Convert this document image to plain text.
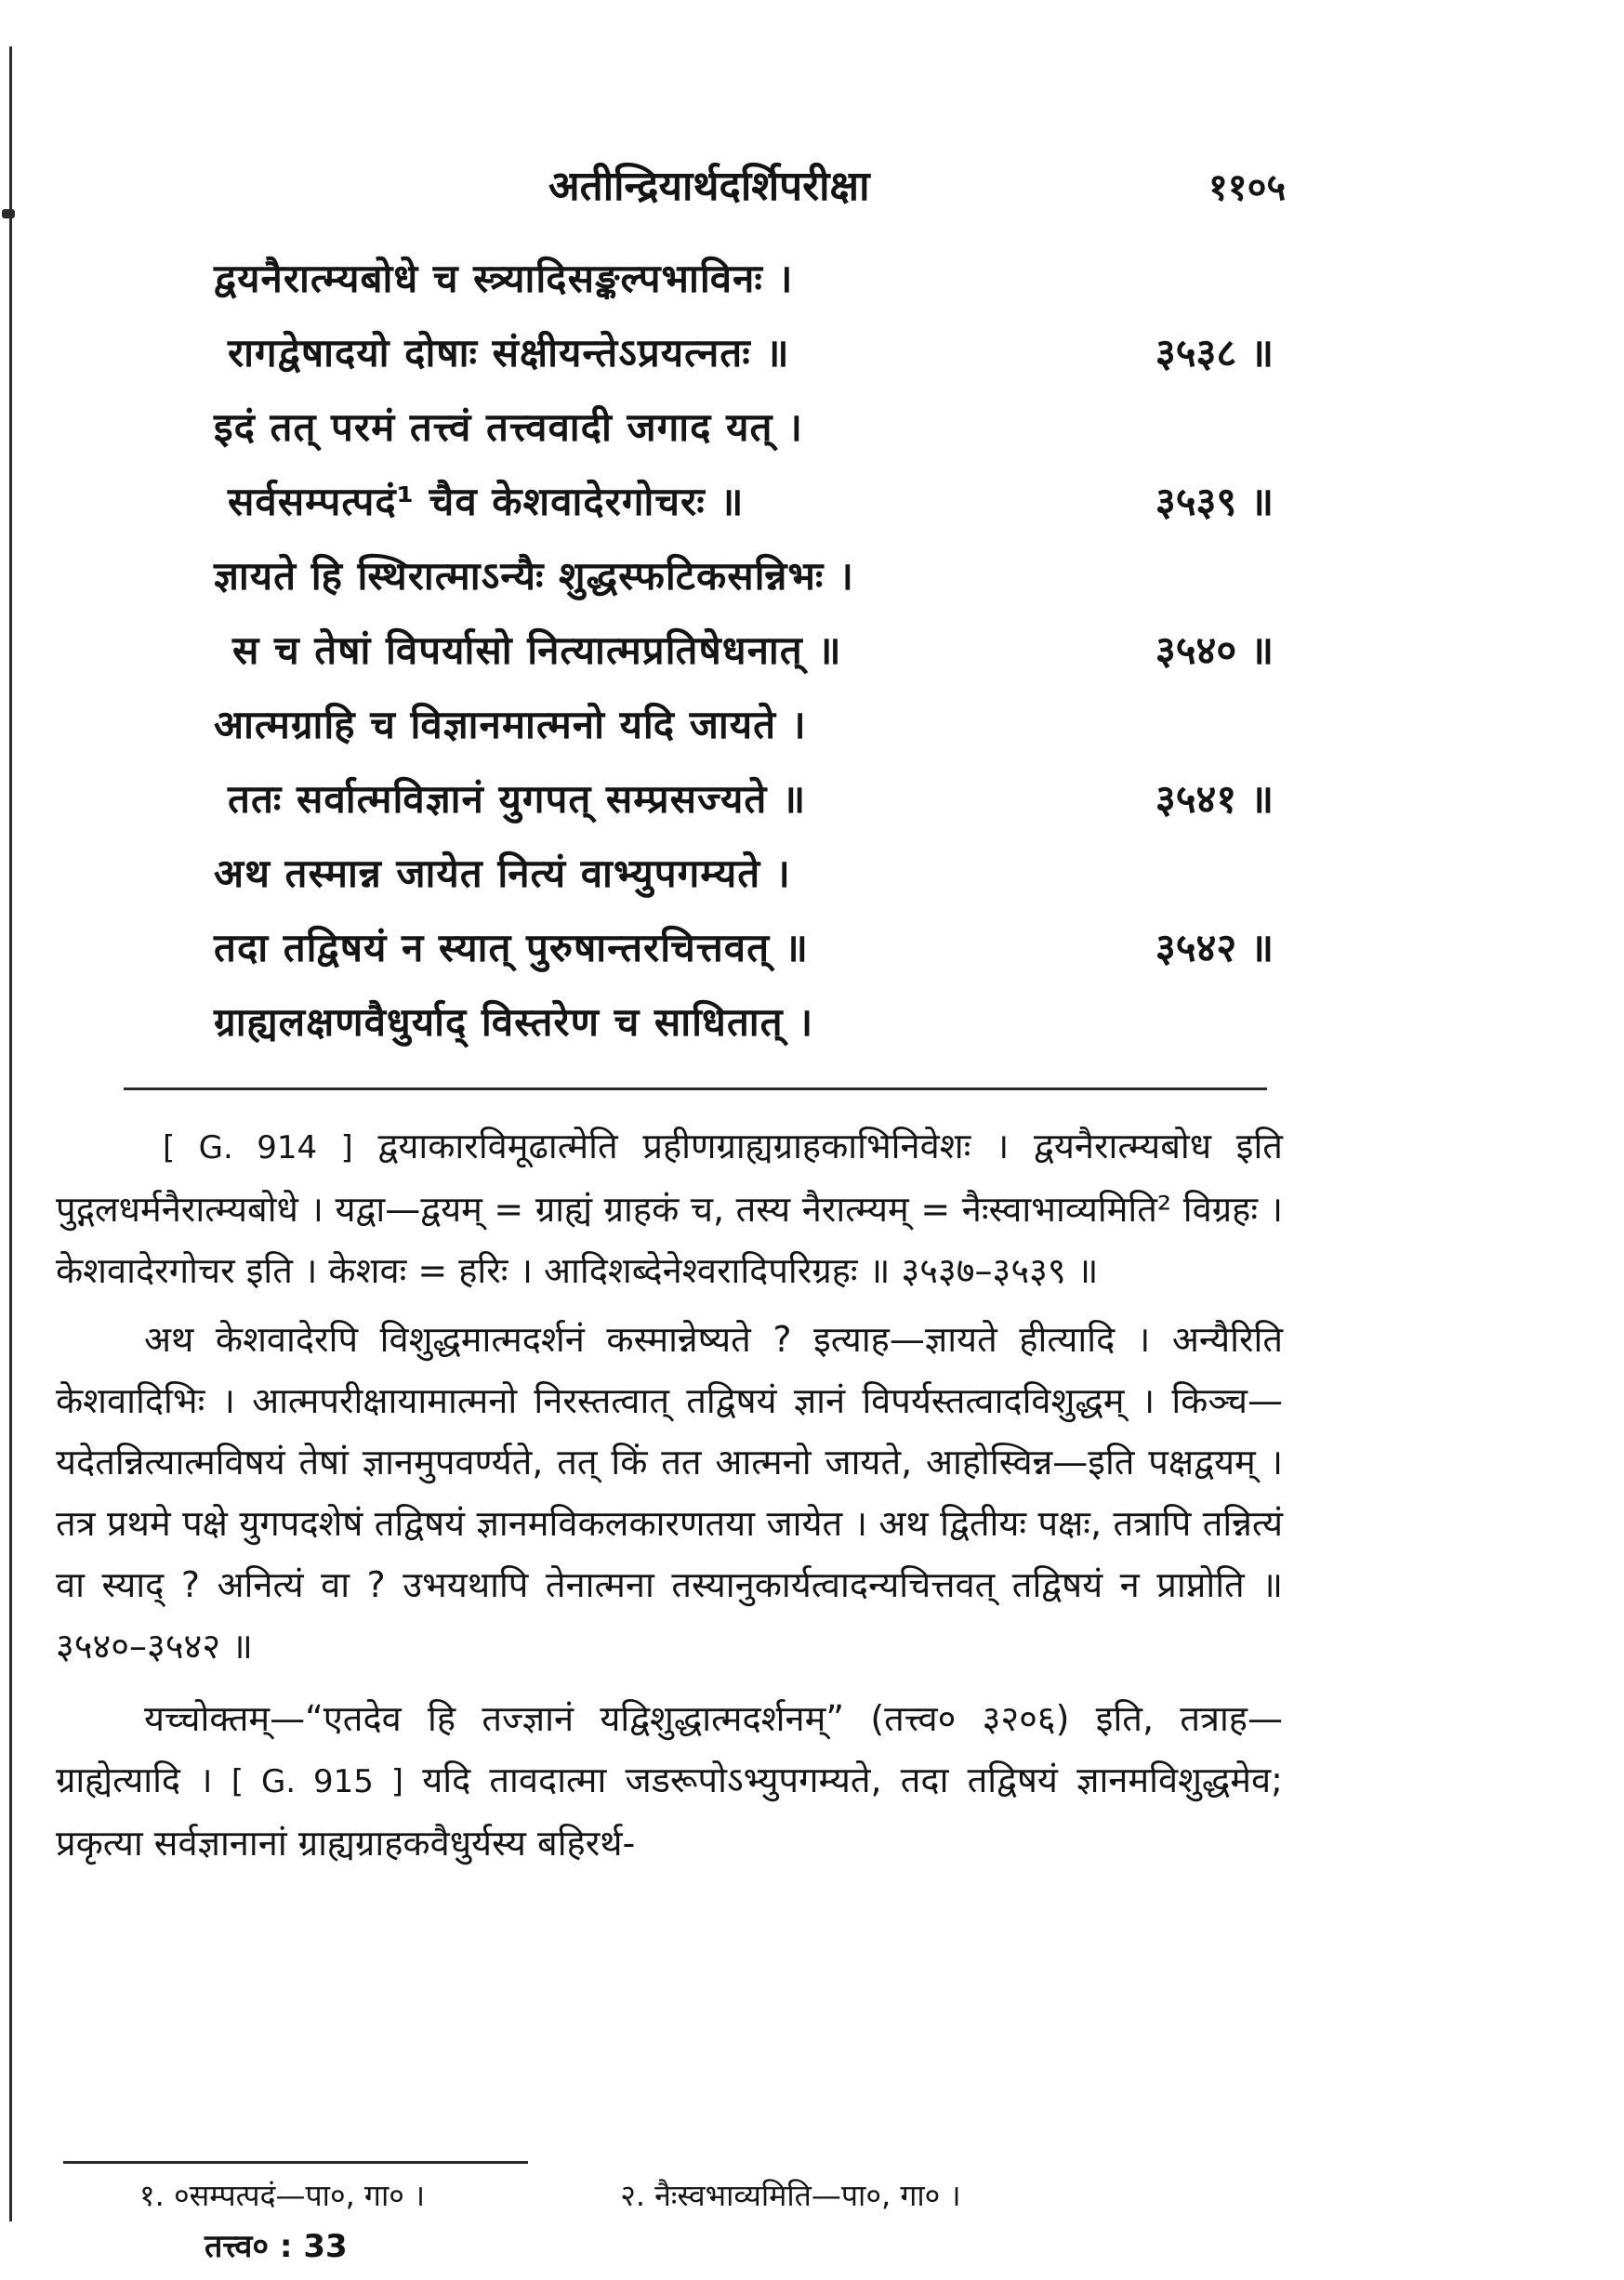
अतीन्द्रियार्थदर्शिपरीक्षा	११०५
द्वयनैरात्म्यबोधे च स्त्र्यादिसङ्कल्पभाविनः ।
रागद्वेषादयो दोषाः संक्षीयन्तेऽप्रयत्नतः ॥	३५३८ ॥
इदं तत् परमं तत्त्वं तत्त्ववादी जगाद यत् ।
सर्वसम्पत्पदं¹ चैव केशवादेरगोचरः ॥	३५३९ ॥
ज्ञायते हि स्थिरात्माऽन्यैः शुद्धस्फटिकसन्निभः ।
स च तेषां विपर्यासो नित्यात्मप्रतिषेधनात् ॥	३५४० ॥
आत्मग्राहि च विज्ञानमात्मनो यदि जायते ।
ततः सर्वात्मविज्ञानं युगपत् सम्प्रसज्यते ॥	३५४१ ॥
अथ तस्मान्न जायेत नित्यं वाभ्युपगम्यते ।
तदा तद्विषयं न स्यात् पुरुषान्तरचित्तवत् ॥	३५४२ ॥
ग्राह्यलक्षणवैधुर्याद् विस्तरेण च साधितात् ।

[ G. 914 ] द्वयाकारविमूढात्मेति प्रहीणग्राह्यग्राहकाभिनिवेशः । द्वयनैरात्म्यबोध इति पुद्गलधर्मनैरात्म्यबोधे । यद्वा—द्वयम् = ग्राह्यं ग्राहकं च, तस्य नैरात्म्यम् = नैःस्वाभाव्यमिति² विग्रहः । केशवादेरगोचर इति । केशवः = हरिः । आदिशब्देनेश्वरादिपरिग्रहः ॥ ३५३७–३५३९ ॥

अथ केशवादेरपि विशुद्धमात्मदर्शनं कस्मान्नेष्यते ? इत्याह—ज्ञायते हीत्यादि । अन्यैरिति केशवादिभिः । आत्मपरीक्षायामात्मनो निरस्तत्वात् तद्विषयं ज्ञानं विपर्यस्तत्वादविशुद्धम् । किञ्च—यदेतन्नित्यात्मविषयं तेषां ज्ञानमुपवर्ण्यते, तत् किं तत आत्मनो जायते, आहोस्विन्न—इति पक्षद्वयम् । तत्र प्रथमे पक्षे युगपदशेषं तद्विषयं ज्ञानमविकलकारणतया जायेत । अथ द्वितीयः पक्षः, तत्रापि तन्नित्यं वा स्याद् ? अनित्यं वा ? उभयथापि तेनात्मना तस्यानुकार्यत्वादन्यचित्तवत् तद्विषयं न प्राप्नोति ॥ ३५४०–३५४२ ॥

यच्चोक्तम्—“एतदेव हि तज्ज्ञानं यद्विशुद्धात्मदर्शनम्” (तत्त्व० ३२०६) इति, तत्राह—ग्राह्येत्यादि । [ G. 915 ] यदि तावदात्मा जडरूपोऽभ्युपगम्यते, तदा तद्विषयं ज्ञानमविशुद्धमेव; प्रकृत्या सर्वज्ञानानां ग्राह्यग्राहकवैधुर्यस्य बहिरर्थ-

१. ०सम्पत्पदं—पा०, गा० ।	२. नैःस्वभाव्यमिति—पा०, गा० ।
तत्त्व० : 33
